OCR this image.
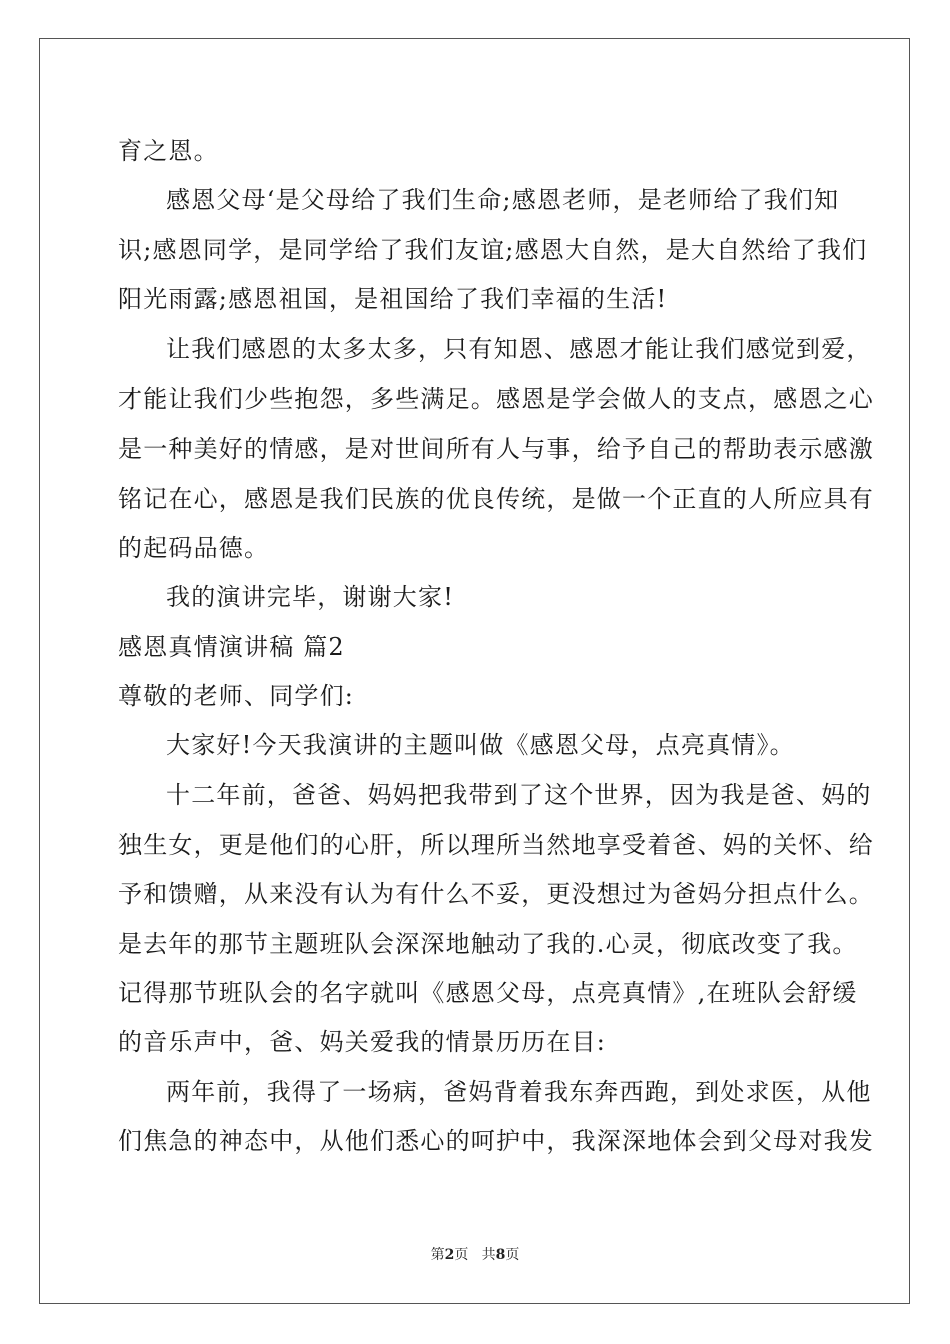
育之恩。
感恩父母‘是父母给了我们生命;感恩老师，是老师给了我们知
识;感恩同学，是同学给了我们友谊;感恩大自然，是大自然给了我们
阳光雨露;感恩祖国，是祖国给了我们幸福的生活!
让我们感恩的太多太多，只有知恩、感恩才能让我们感觉到爱，
才能让我们少些抱怨，多些满足。感恩是学会做人的支点，感恩之心
是一种美好的情感，是对世间所有人与事，给予自己的帮助表示感激
铭记在心，感恩是我们民族的优良传统，是做一个正直的人所应具有
的起码品德。
我的演讲完毕，谢谢大家!
感恩真情演讲稿 篇2
尊敬的老师、同学们:
大家好!今天我演讲的主题叫做《感恩父母，点亮真情》。
十二年前，爸爸、妈妈把我带到了这个世界，因为我是爸、妈的
独生女，更是他们的心肝，所以理所当然地享受着爸、妈的关怀、给
予和馈赠，从来没有认为有什么不妥，更没想过为爸妈分担点什么。
是去年的那节主题班队会深深地触动了我的.心灵，彻底改变了我。
记得那节班队会的名字就叫《感恩父母，点亮真情》,在班队会舒缓
的音乐声中，爸、妈关爱我的情景历历在目:
两年前，我得了一场病，爸妈背着我东奔西跑，到处求医，从他
们焦急的神态中，从他们悉心的呵护中，我深深地体会到父母对我发
第2页 共8页
